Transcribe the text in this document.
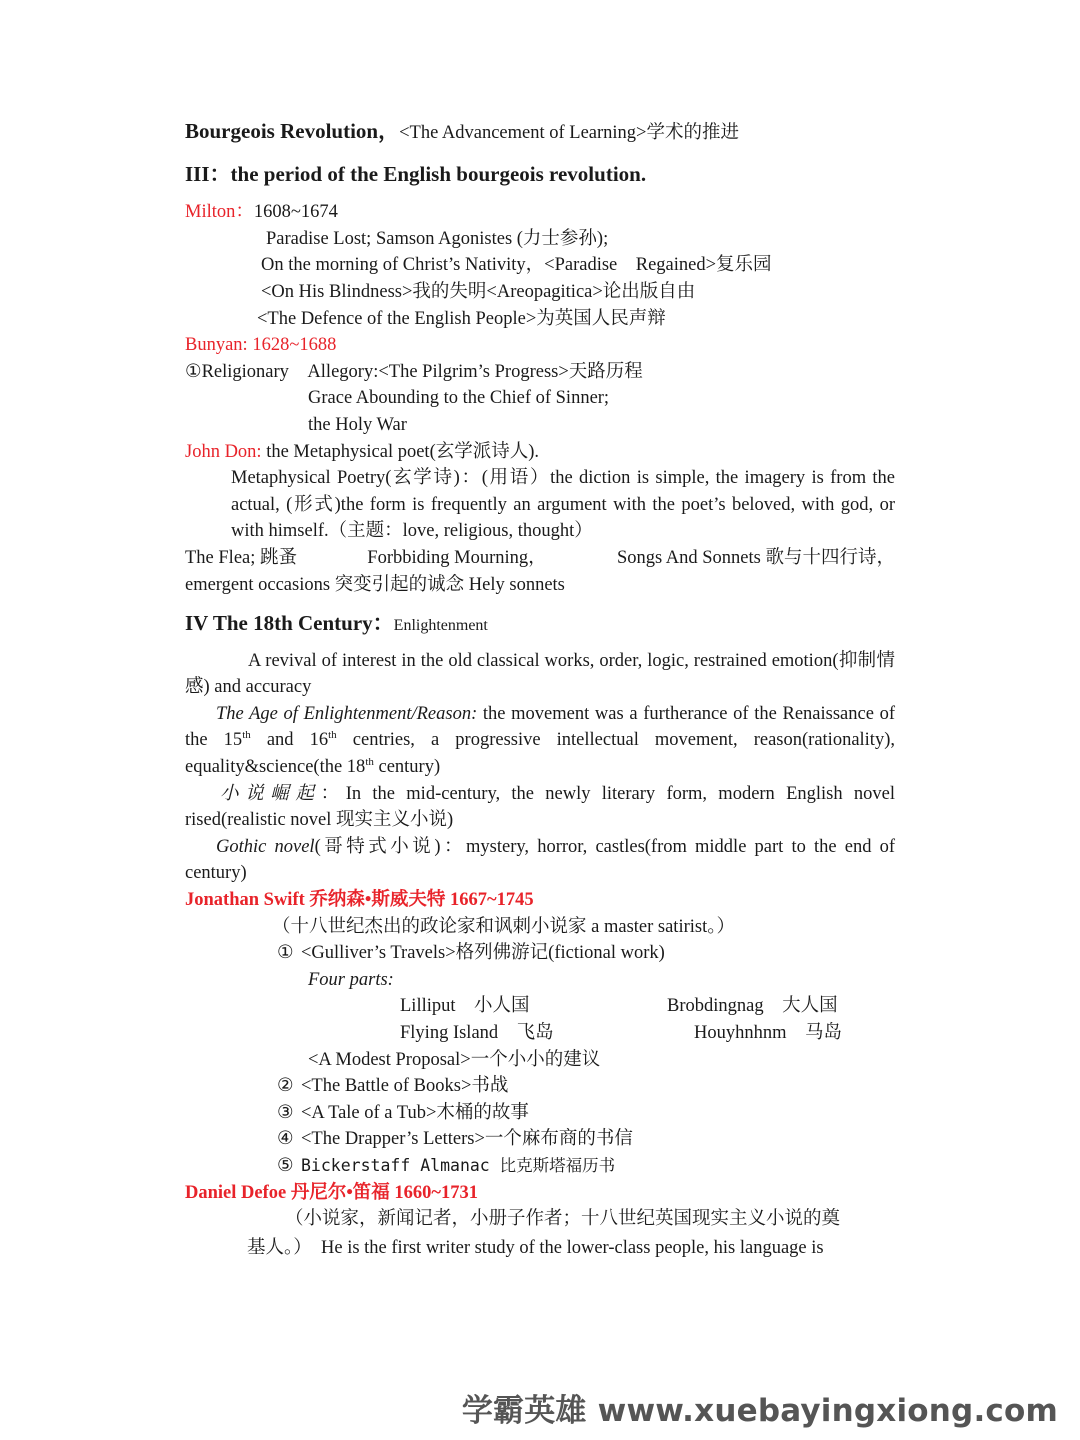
Bourgeois Revolution，<The Advancement of Learning>学术的推进
III：the period of the English bourgeois revolution.
Milton：1608~1674
Paradise Lost; Samson Agonistes (力士参孙);
On the morning of Christ’s Nativity，<Paradise　Regained>复乐园
<On His Blindness>我的失明<Areopagitica>论出版自由
<The Defence of the English People>为英国人民声辩
Bunyan: 1628~1688
①Religionary　Allegory:<The Pilgrim’s Progress>天路历程
Grace Abounding to the Chief of Sinner;
the Holy War
John Don: the Metaphysical poet(玄学派诗人).
Metaphysical Poetry(玄学诗)：(用语）the diction is simple, the imagery is from the actual, (形式)the form is frequently an argument with the poet’s beloved, with god, or with himself.（主题：love, religious, thought）
The Flea; 跳蚤	Forbbiding Mourning，	Songs And Sonnets 歌与十四行诗，
emergent occasions 突变引起的诚念 Hely sonnets
IV The 18th Century：Enlightenment
A revival of interest in the old classical works, order, logic, restrained emotion(抑制情感) and accuracy
The Age of Enlightenment/Reason: the movement was a furtherance of the Renaissance of the 15th and 16th centries, a progressive intellectual movement, reason(rationality), equality&science(the 18th century)
小说崛起：In the mid-century, the newly literary form, modern English novel rised(realistic novel 现实主义小说)
Gothic novel(哥特式小说)：mystery, horror, castles(from middle part to the end of century)
Jonathan Swift 乔纳森•斯威夫特 1667~1745
（十八世纪杰出的政论家和讽刺小说家 a master satirist。）
① <Gulliver’s Travels>格列佛游记(fictional work)
Four parts:
Lilliput　小人国	Brobdingnag　大人国
Flying Island　飞岛	Houyhnhnm　马岛
<A Modest Proposal>一个小小的建议
② <The Battle of Books>书战
③ <A Tale of a Tub>木桶的故事
④ <The Drapper’s Letters>一个麻布商的书信
⑤ Bickerstaff Almanac 比克斯塔福历书
Daniel Defoe 丹尼尔•笛福 1660~1731
（小说家，新闻记者，小册子作者；十八世纪英国现实主义小说的奠
基人。）　He is the first writer study of the lower-class people, his language is
学霸英雄 www.xuebayingxiong.com
